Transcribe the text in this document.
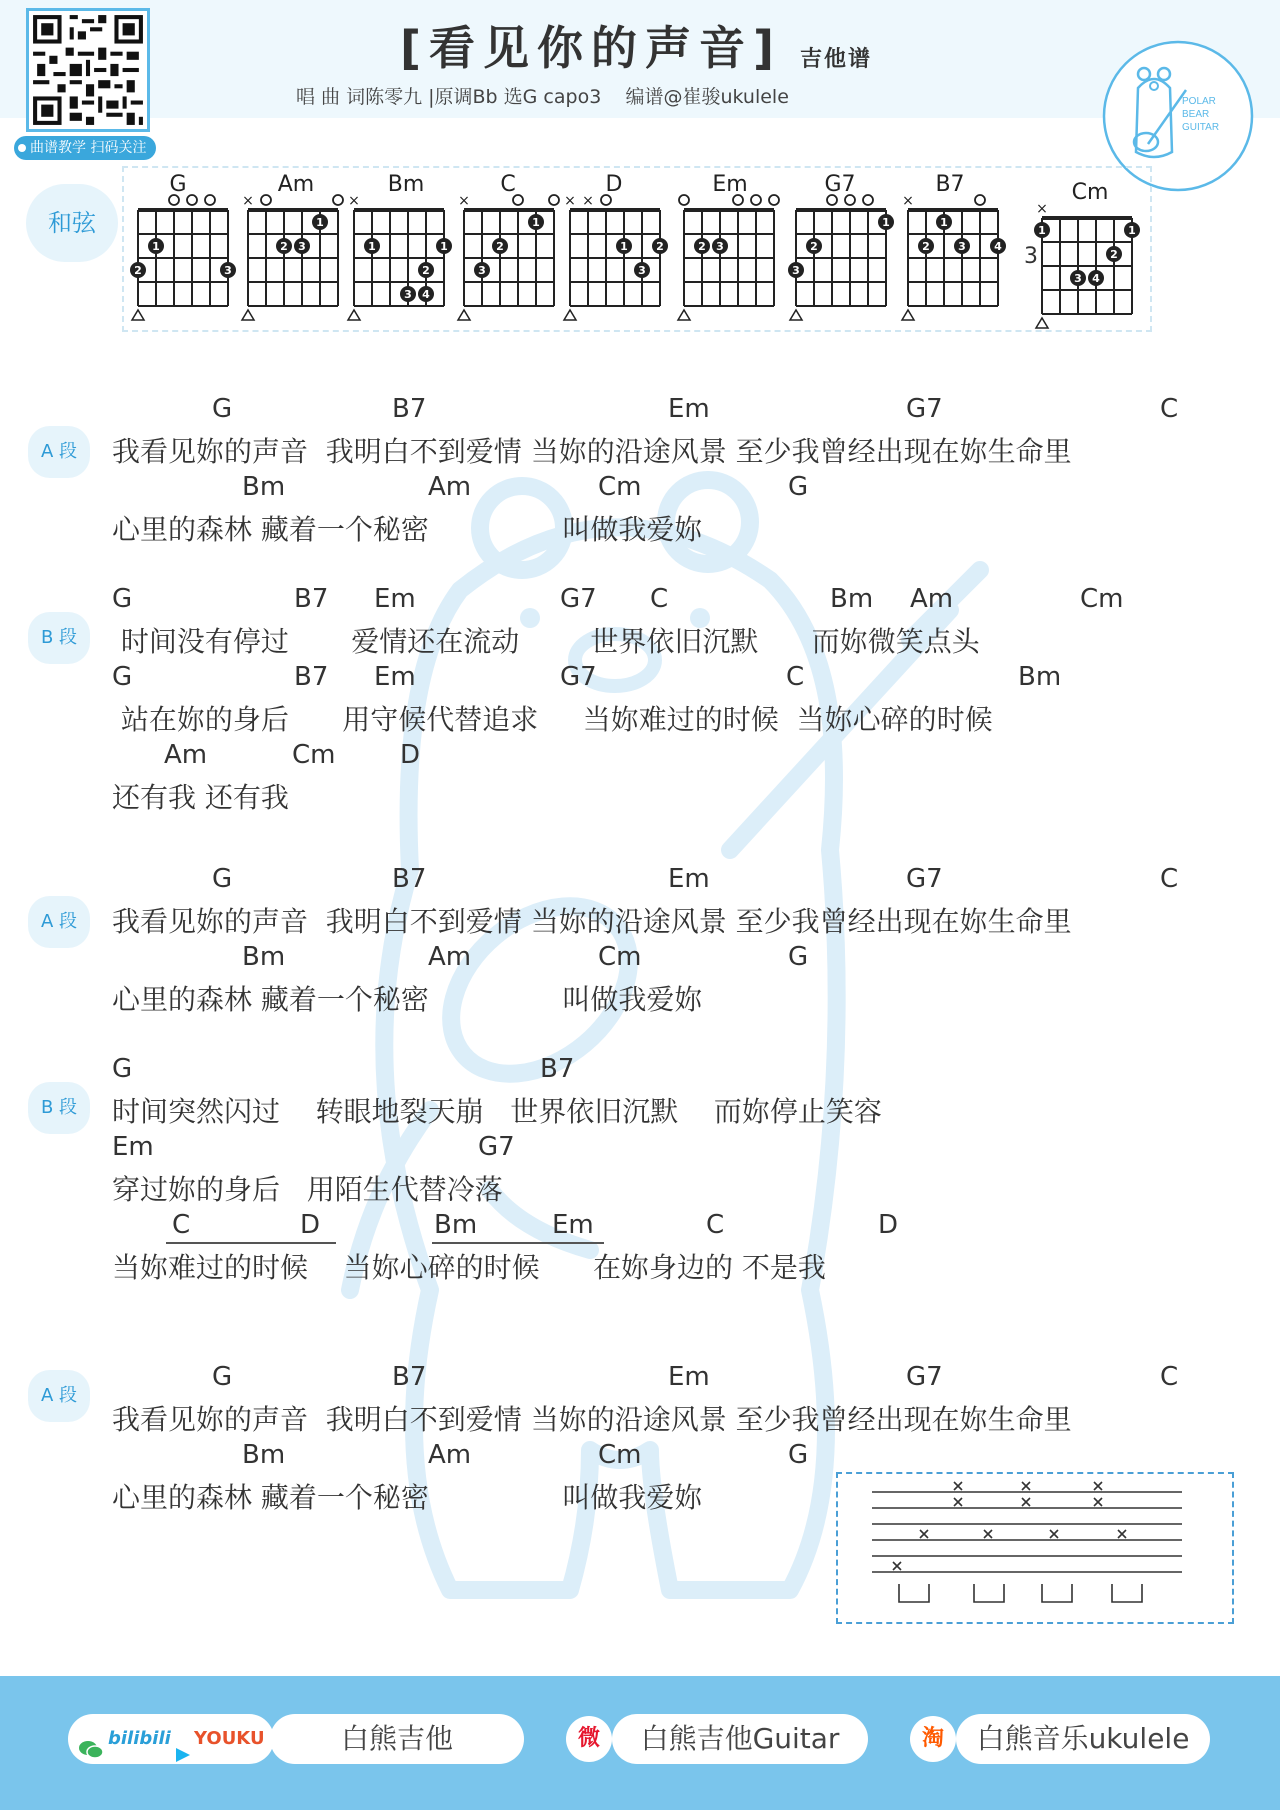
曲谱教学 扫码关注
[看见你的声音] 吉他谱
唱 曲 词陈零九 |原调Bb 选G capo3    编谱@崔骏ukulele	POLAR
BEAR
GUITAR
和弦
1
2	3
G
×
1
2 3
Am
×
1	1
2
3 4
Bm
×
1
2
3
C
× ×
1	2
3
D
2 3
Em
1
2
3
G7
×
1
2	3	4
B7
×
1	1
2
3 4
Cm
3
A 段
G	B7	Em	G7	C
我看见妳的声音  我明白不到爱情 当妳的沿途风景 至少我曾经出现在妳生命里
Bm	Am	Cm	G
心里的森林 藏着一个秘密               叫做我爱妳
B 段
G	B7 Em	G7 C	Bm Am	Cm
时间没有停过       爱情还在流动        世界依旧沉默      而妳微笑点头
G	B7 Em	G7	C	Bm
站在妳的身后      用守候代替追求     当妳难过的时候  当妳心碎的时候
Am	Cm D
还有我 还有我
A 段
G	B7	Em	G7	C
我看见妳的声音  我明白不到爱情 当妳的沿途风景 至少我曾经出现在妳生命里
Bm	Am	Cm	G
心里的森林 藏着一个秘密               叫做我爱妳
B 段
G	B7
时间突然闪过    转眼地裂天崩   世界依旧沉默    而妳停止笑容
Em	G7
穿过妳的身后   用陌生代替冷落
C	D	Bm	Em	C	D
当妳难过的时候    当妳心碎的时候      在妳身边的 不是我
A 段
G	B7	Em	G7	C
我看见妳的声音  我明白不到爱情 当妳的沿途风景 至少我曾经出现在妳生命里
Bm	Am	Cm	G
心里的森林 藏着一个秘密               叫做我爱妳
bilibili YOUKU	白熊吉他	微	白熊吉他Guitar	淘	白熊音乐ukulele
